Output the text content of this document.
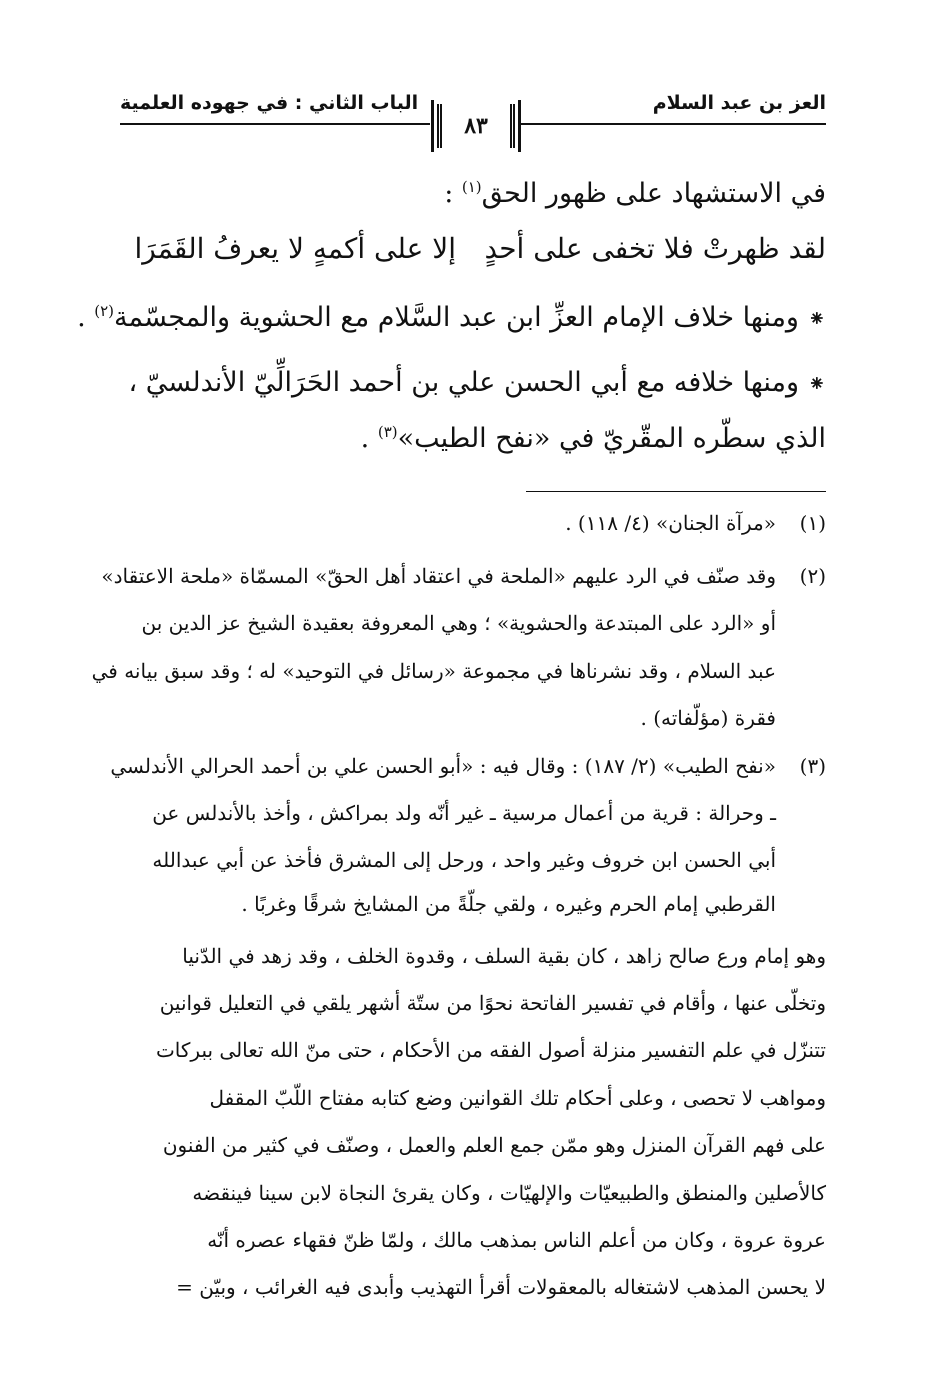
العز بن عبد السلام
٨٣
الباب الثاني : في جهوده العلمية
في الاستشهاد على ظهور الحق$^{(١)}$ :
لقد ظهرتْ فلا تخفى على أحدٍ
إلا على أكمهٍ لا يعرفُ القَمَرَا
⁕ ومنها خلاف الإمام العزِّ ابن عبد السَّلام مع الحشوية والمجسّمة$^{(٢)}$ .
⁕ ومنها خلافه مع أبي الحسن علي بن أحمد الحَرَالِّيّ الأندلسيّ ،
الذي سطّره المقّريّ في «نفح الطيب»$^{(٣)}$ .
(١)
«مرآة الجنان» (٤/ ١١٨) .
(٢)
وقد صنّف في الرد عليهم «الملحة في اعتقاد أهل الحقّ» المسمّاة «ملحة الاعتقاد»
أو «الرد على المبتدعة والحشوية» ؛ وهي المعروفة بعقيدة الشيخ عز الدين بن
عبد السلام ، وقد نشرناها في مجموعة «رسائل في التوحيد» له ؛ وقد سبق بيانه في
فقرة (مؤلّفاته) .
(٣)
«نفح الطيب» (٢/ ١٨٧) : وقال فيه : «أبو الحسن علي بن أحمد الحرالي الأندلسي
ـ وحرالة : قرية من أعمال مرسية ـ غير أنّه ولد بمراكش ، وأخذ بالأندلس عن
أبي الحسن ابن خروف وغير واحد ، ورحل إلى المشرق فأخذ عن أبي عبدالله
القرطبي إمام الحرم وغيره ، ولقي جلّةً من المشايخ شرقًا وغربًا .
وهو إمام ورع صالح زاهد ، كان بقية السلف ، وقدوة الخلف ، وقد زهد في الدّنيا
وتخلّى عنها ، وأقام في تفسير الفاتحة نحوًا من ستّة أشهر يلقي في التعليل قوانين
تتنزّل في علم التفسير منزلة أصول الفقه من الأحكام ، حتى منّ الله تعالى ببركات
ومواهب لا تحصى ، وعلى أحكام تلك القوانين وضع كتابه مفتاح اللّبّ المقفل
على فهم القرآن المنزل وهو ممّن جمع العلم والعمل ، وصنّف في كثير من الفنون
كالأصلين والمنطق والطبيعيّات والإلهيّات ، وكان يقرئ النجاة لابن سينا فينقضه
عروة عروة ، وكان من أعلم الناس بمذهب مالك ، ولمّا ظنّ فقهاء عصره أنّه
لا يحسن المذهب لاشتغاله بالمعقولات أقرأ التهذيب وأبدى فيه الغرائب ، وبيّن =
